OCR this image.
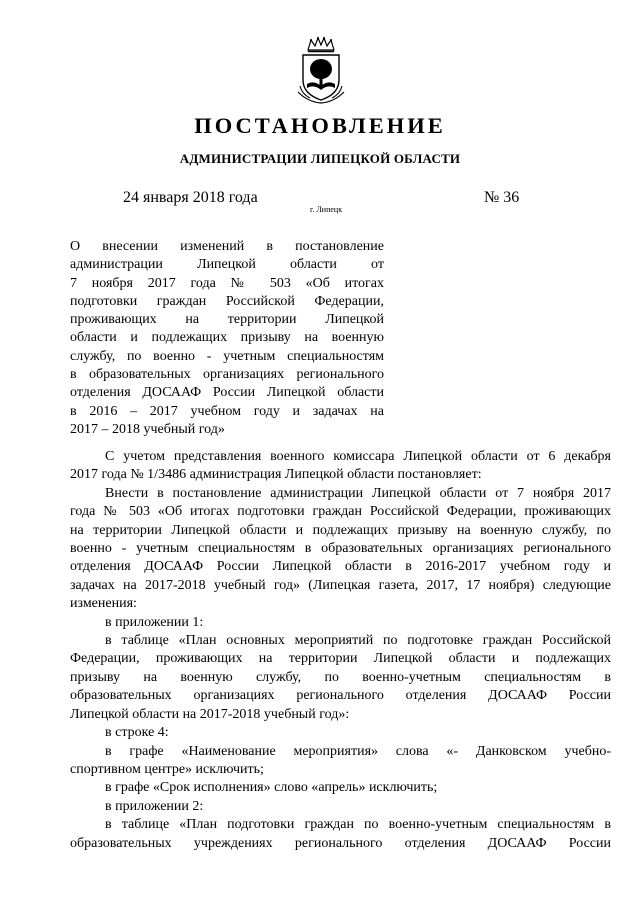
ПОСТАНОВЛЕНИЕ
АДМИНИСТРАЦИИ ЛИПЕЦКОЙ ОБЛАСТИ
24 января 2018 года
г. Липецк
№ 36
О внесении изменений в постановление
администрации Липецкой области от
7 ноября 2017 года № 503 «Об итогах
подготовки граждан Российской Федерации,
проживающих на территории Липецкой
области и подлежащих призыву на военную
службу, по военно - учетным специальностям
в образовательных организациях регионального
отделения ДОСААФ России Липецкой области
в 2016 – 2017 учебном году и задачах на
2017 – 2018 учебный год»
С учетом представления военного комиссара Липецкой области от 6 декабря
2017 года № 1/3486 администрация Липецкой области постановляет:
Внести в постановление администрации Липецкой области от 7 ноября 2017
года № 503 «Об итогах подготовки граждан Российской Федерации, проживающих
на территории Липецкой области и подлежащих призыву на военную службу, по
военно - учетным специальностям в образовательных организациях регионального
отделения ДОСААФ России Липецкой области в 2016-2017 учебном году и
задачах на 2017-2018 учебный год» (Липецкая газета, 2017, 17 ноября) следующие
изменения:
в приложении 1:
в таблице «План основных мероприятий по подготовке граждан Российской
Федерации, проживающих на территории Липецкой области и подлежащих
призыву на военную службу, по военно-учетным специальностям в
образовательных организациях регионального отделения ДОСААФ России
Липецкой области на 2017-2018 учебный год»:
в строке 4:
в графе «Наименование мероприятия» слова «- Данковском учебно-
спортивном центре» исключить;
в графе «Срок исполнения» слово «апрель» исключить;
в приложении 2:
в таблице «План подготовки граждан по военно-учетным специальностям в
образовательных учреждениях регионального отделения ДОСААФ России
